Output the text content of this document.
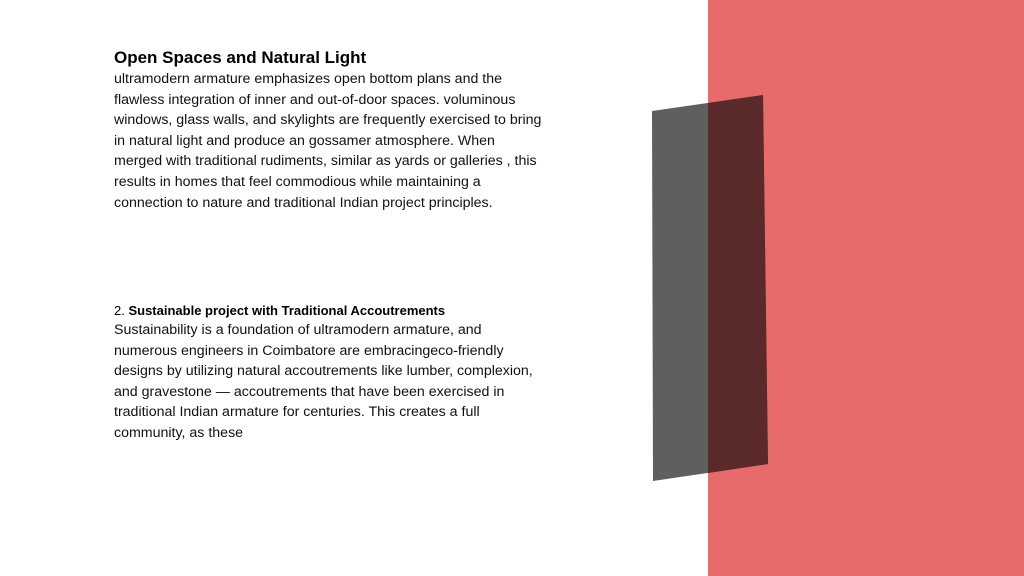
Open Spaces and Natural Light

ultramodern armature emphasizes open bottom plans and the flawless integration of inner and out-of-door spaces. voluminous windows, glass walls, and skylights are frequently exercised to bring in natural light and produce an gossamer atmosphere. When merged with traditional rudiments, similar as yards or galleries , this results in homes that feel commodious while maintaining a connection to nature and traditional Indian project principles.

2. Sustainable project with Traditional Accoutrements

Sustainability is a foundation of ultramodern armature, and numerous engineers in Coimbatore are embracingeco-friendly designs by utilizing natural accoutrements like lumber, complexion, and gravestone — accoutrements that have been exercised in traditional Indian armature for centuries. This creates a full community, as these
